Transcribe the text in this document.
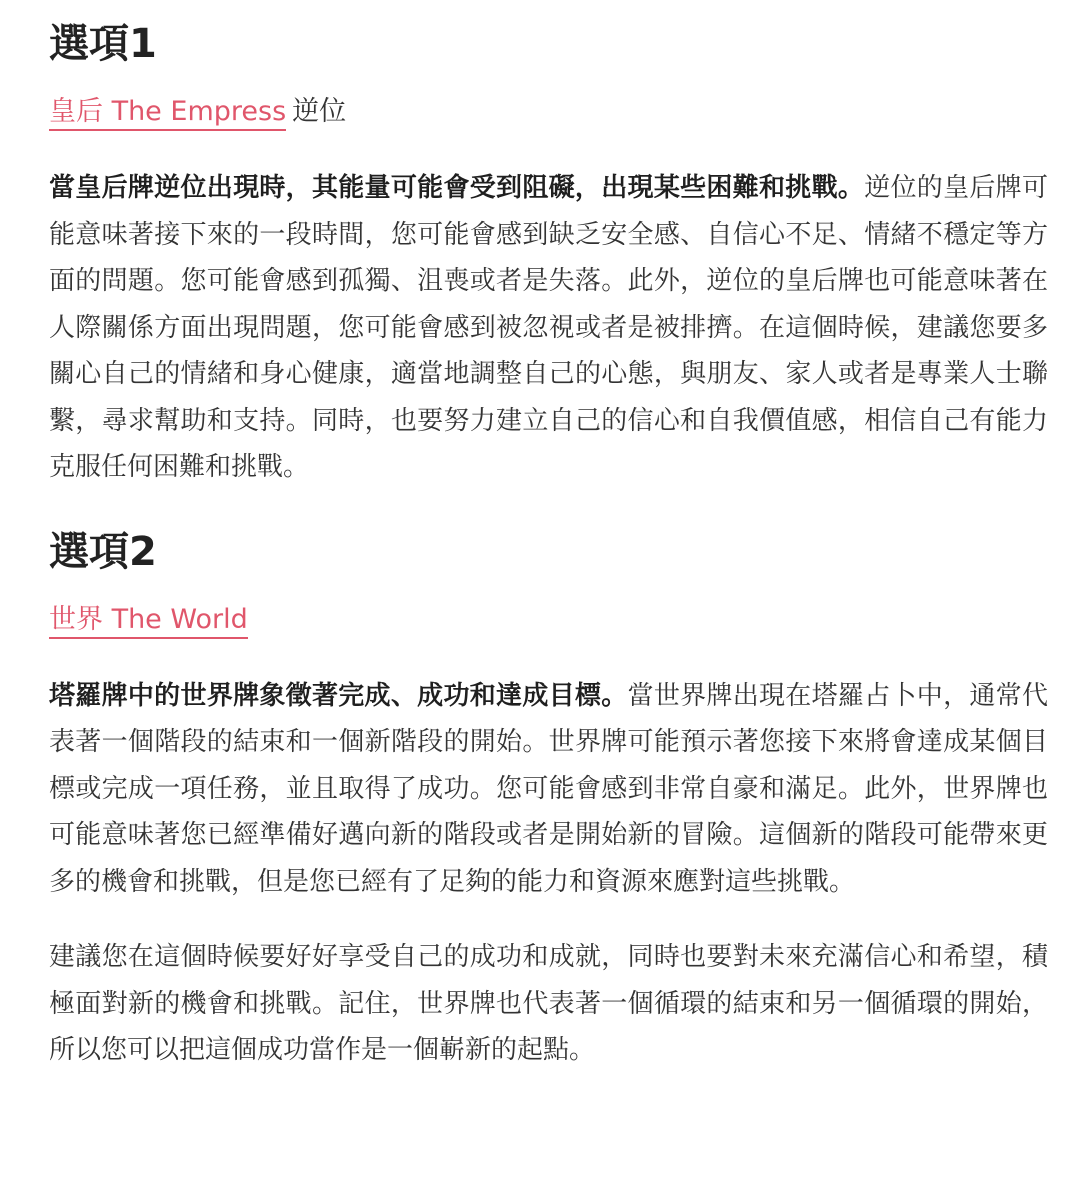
選項1
皇后 The Empress 逆位

當皇后牌逆位出現時，其能量可能會受到阻礙，出現某些困難和挑戰。逆位的皇后牌可能意味著接下來的一段時間，您可能會感到缺乏安全感、自信心不足、情緒不穩定等方面的問題。您可能會感到孤獨、沮喪或者是失落。此外，逆位的皇后牌也可能意味著在人際關係方面出現問題，您可能會感到被忽視或者是被排擠。在這個時候，建議您要多關心自己的情緒和身心健康，適當地調整自己的心態，與朋友、家人或者是專業人士聯繫，尋求幫助和支持。同時，也要努力建立自己的信心和自我價值感，相信自己有能力克服任何困難和挑戰。

選項2
世界 The World

塔羅牌中的世界牌象徵著完成、成功和達成目標。當世界牌出現在塔羅占卜中，通常代表著一個階段的結束和一個新階段的開始。世界牌可能預示著您接下來將會達成某個目標或完成一項任務，並且取得了成功。您可能會感到非常自豪和滿足。此外，世界牌也可能意味著您已經準備好邁向新的階段或者是開始新的冒險。這個新的階段可能帶來更多的機會和挑戰，但是您已經有了足夠的能力和資源來應對這些挑戰。

建議您在這個時候要好好享受自己的成功和成就，同時也要對未來充滿信心和希望，積極面對新的機會和挑戰。記住，世界牌也代表著一個循環的結束和另一個循環的開始，所以您可以把這個成功當作是一個嶄新的起點。
